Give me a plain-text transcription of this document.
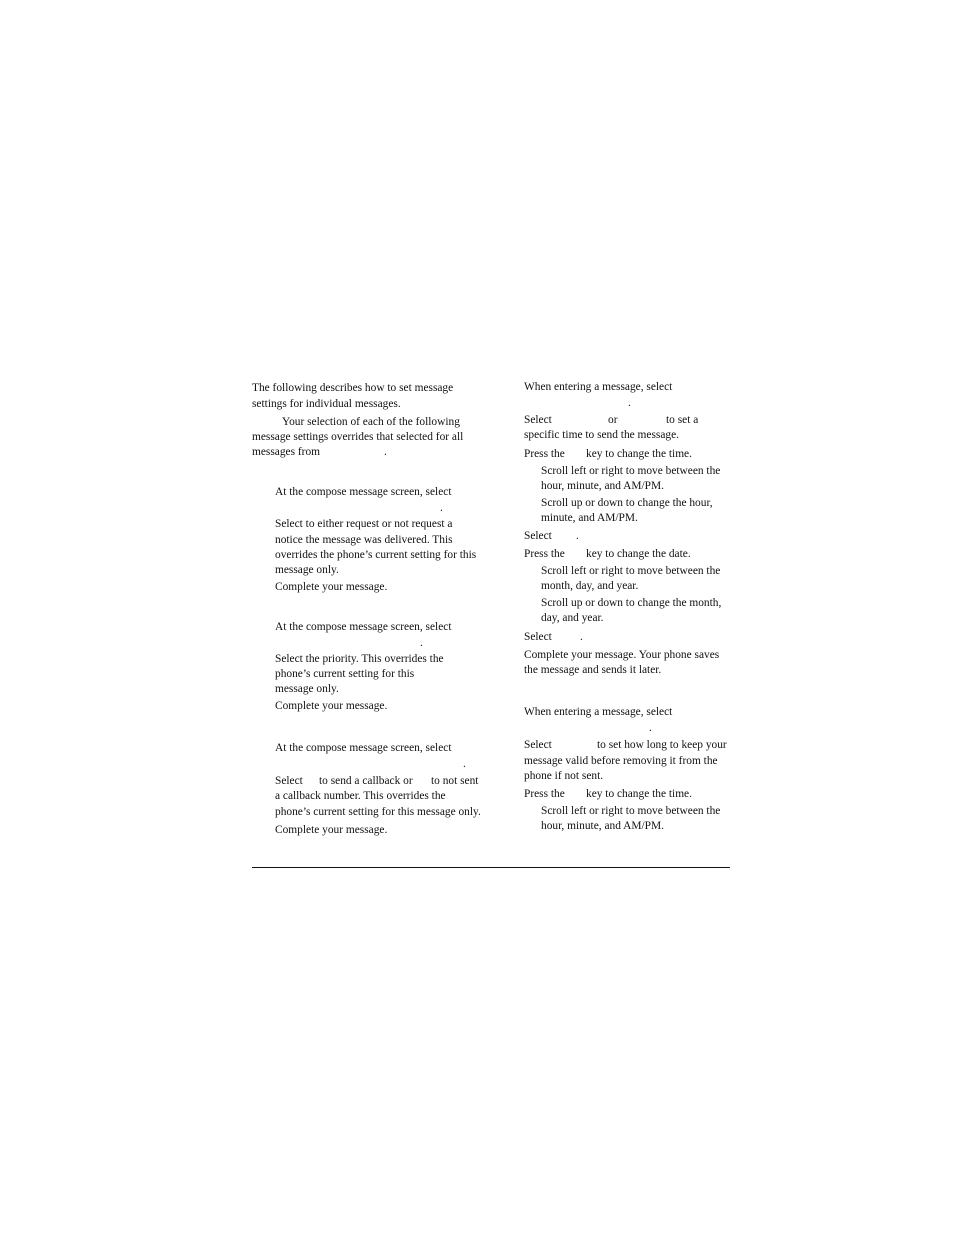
The following describes how to set message

settings for individual messages.

Your selection of each of the following

message settings overrides that selected for all

messages from	.

At the compose message screen, select

.

Select to either request or not request a

notice the message was delivered. This

overrides the phone’s current setting for this

message only.

Complete your message.

At the compose message screen, select

.

Select the priority. This overrides the

phone’s current setting for this

message only.

Complete your message.

At the compose message screen, select

.

Select to send a callback or to not sent

a callback number. This overrides the

phone’s current setting for this message only.

Complete your message.

When entering a message, select

.

Select	or	to set a

specific time to send the message.

Press the key to change the time.

Scroll left or right to move between the

hour, minute, and AM/PM.

Scroll up or down to change the hour,

minute, and AM/PM.

Select .

Press the key to change the date.

Scroll left or right to move between the

month, day, and year.

Scroll up or down to change the month,

day, and year.

Select .

Complete your message. Your phone saves

the message and sends it later.

When entering a message, select

.

Select	to set how long to keep your

message valid before removing it from the

phone if not sent.

Press the key to change the time.

Scroll left or right to move between the

hour, minute, and AM/PM.
